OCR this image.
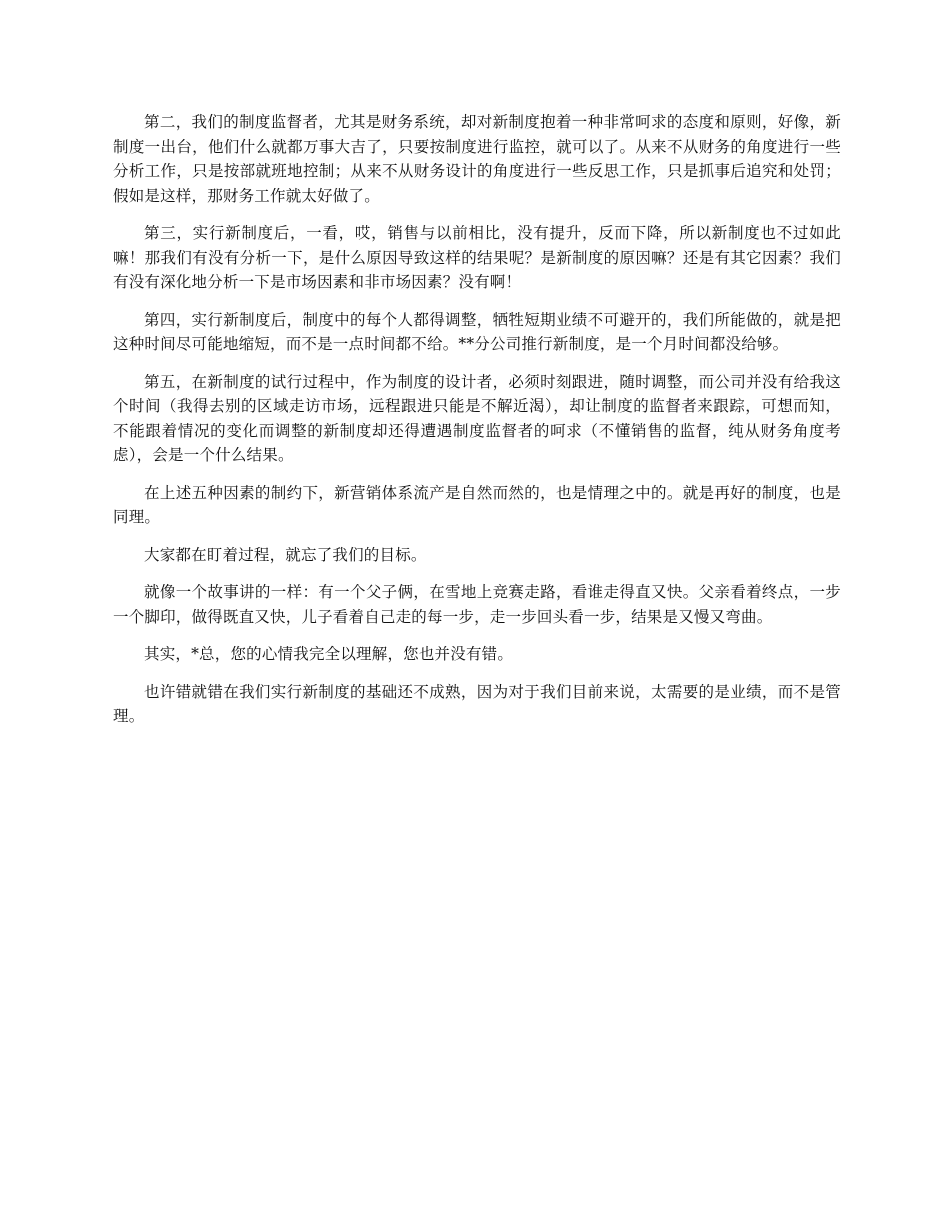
第二，我们的制度监督者，尤其是财务系统，却对新制度抱着一种非常呵求的态度和原则，好像，新制度一出台，他们什么就都万事大吉了，只要按制度进行监控，就可以了。从来不从财务的角度进行一些分析工作，只是按部就班地控制；从来不从财务设计的角度进行一些反思工作，只是抓事后追究和处罚；假如是这样，那财务工作就太好做了。

第三，实行新制度后，一看，哎，销售与以前相比，没有提升，反而下降，所以新制度也不过如此嘛！那我们有没有分析一下，是什么原因导致这样的结果呢？是新制度的原因嘛？还是有其它因素？我们有没有深化地分析一下是市场因素和非市场因素？没有啊！

第四，实行新制度后，制度中的每个人都得调整，牺牲短期业绩不可避开的，我们所能做的，就是把这种时间尽可能地缩短，而不是一点时间都不给。**分公司推行新制度，是一个月时间都没给够。

第五，在新制度的试行过程中，作为制度的设计者，必须时刻跟进，随时调整，而公司并没有给我这个时间（我得去别的区域走访市场，远程跟进只能是不解近渴），却让制度的监督者来跟踪，可想而知，不能跟着情况的变化而调整的新制度却还得遭遇制度监督者的呵求（不懂销售的监督，纯从财务角度考虑），会是一个什么结果。

在上述五种因素的制约下，新营销体系流产是自然而然的，也是情理之中的。就是再好的制度，也是同理。

大家都在盯着过程，就忘了我们的目标。

就像一个故事讲的一样：有一个父子俩，在雪地上竞赛走路，看谁走得直又快。父亲看着终点，一步一个脚印，做得既直又快，儿子看着自己走的每一步，走一步回头看一步，结果是又慢又弯曲。

其实，*总，您的心情我完全以理解，您也并没有错。

也许错就错在我们实行新制度的基础还不成熟，因为对于我们目前来说，太需要的是业绩，而不是管理。
